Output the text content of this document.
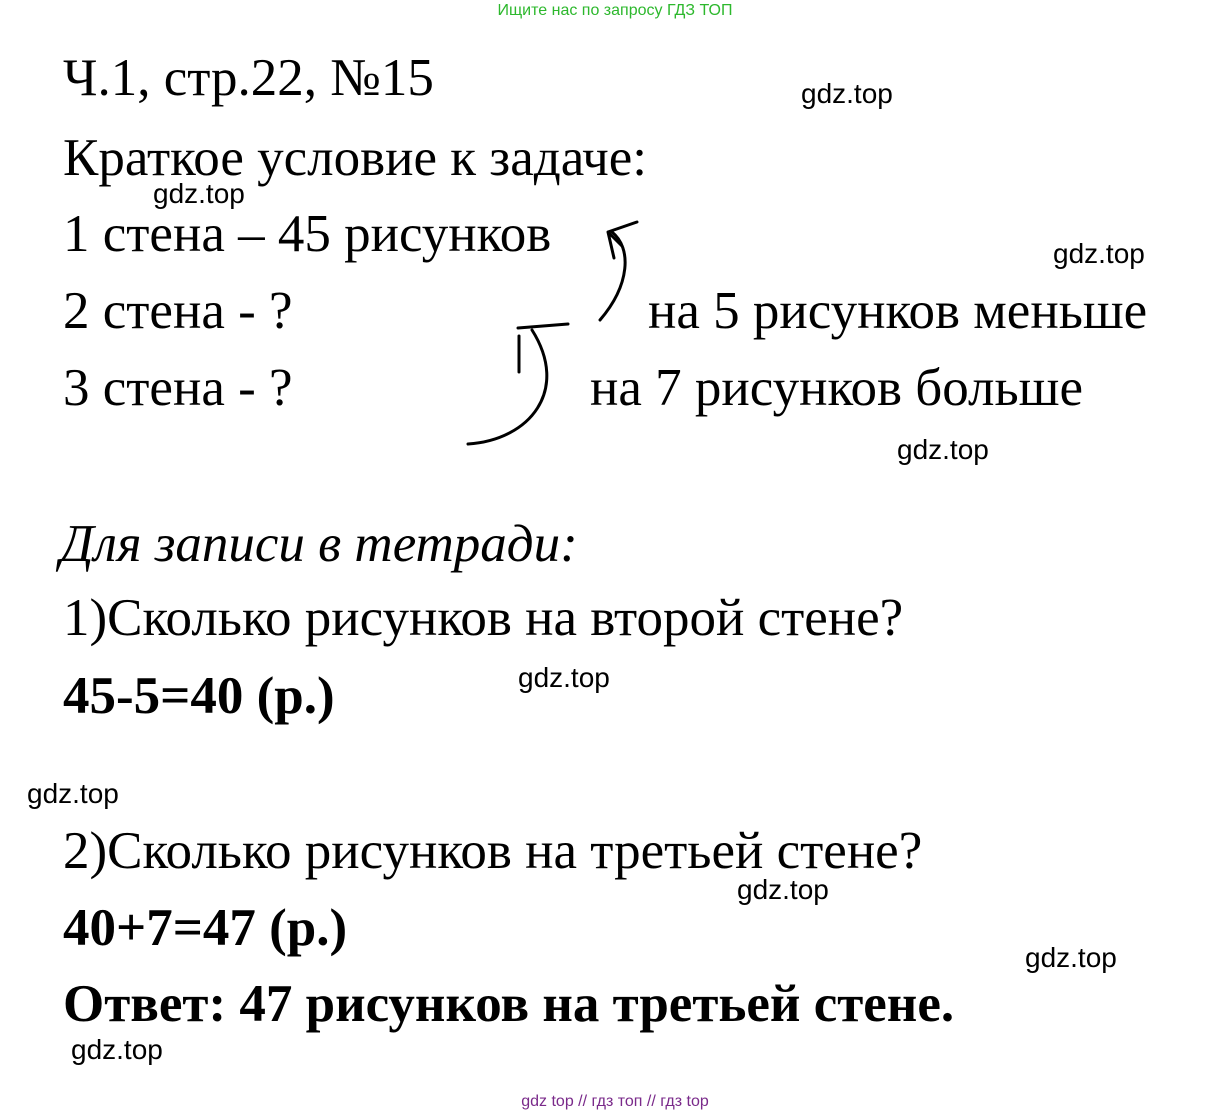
Ищите нас по запросу ГДЗ ТОП
Ч.1, стр.22, №15
Краткое условие к задаче:
1 стена – 45 рисунков
2 стена - ?
3 стена - ?
на 5 рисунков меньше
на 7 рисунков больше
Для записи в тетради:
1)Сколько рисунков на второй стене?
45-5=40 (р.)
2)Сколько рисунков на третьей стене?
40+7=47 (р.)
Ответ: 47 рисунков на третьей стене.
gdz.top
gdz.top
gdz.top
gdz.top
gdz.top
gdz.top
gdz.top
gdz.top
gdz.top
gdz top // гдз топ // гдз top
